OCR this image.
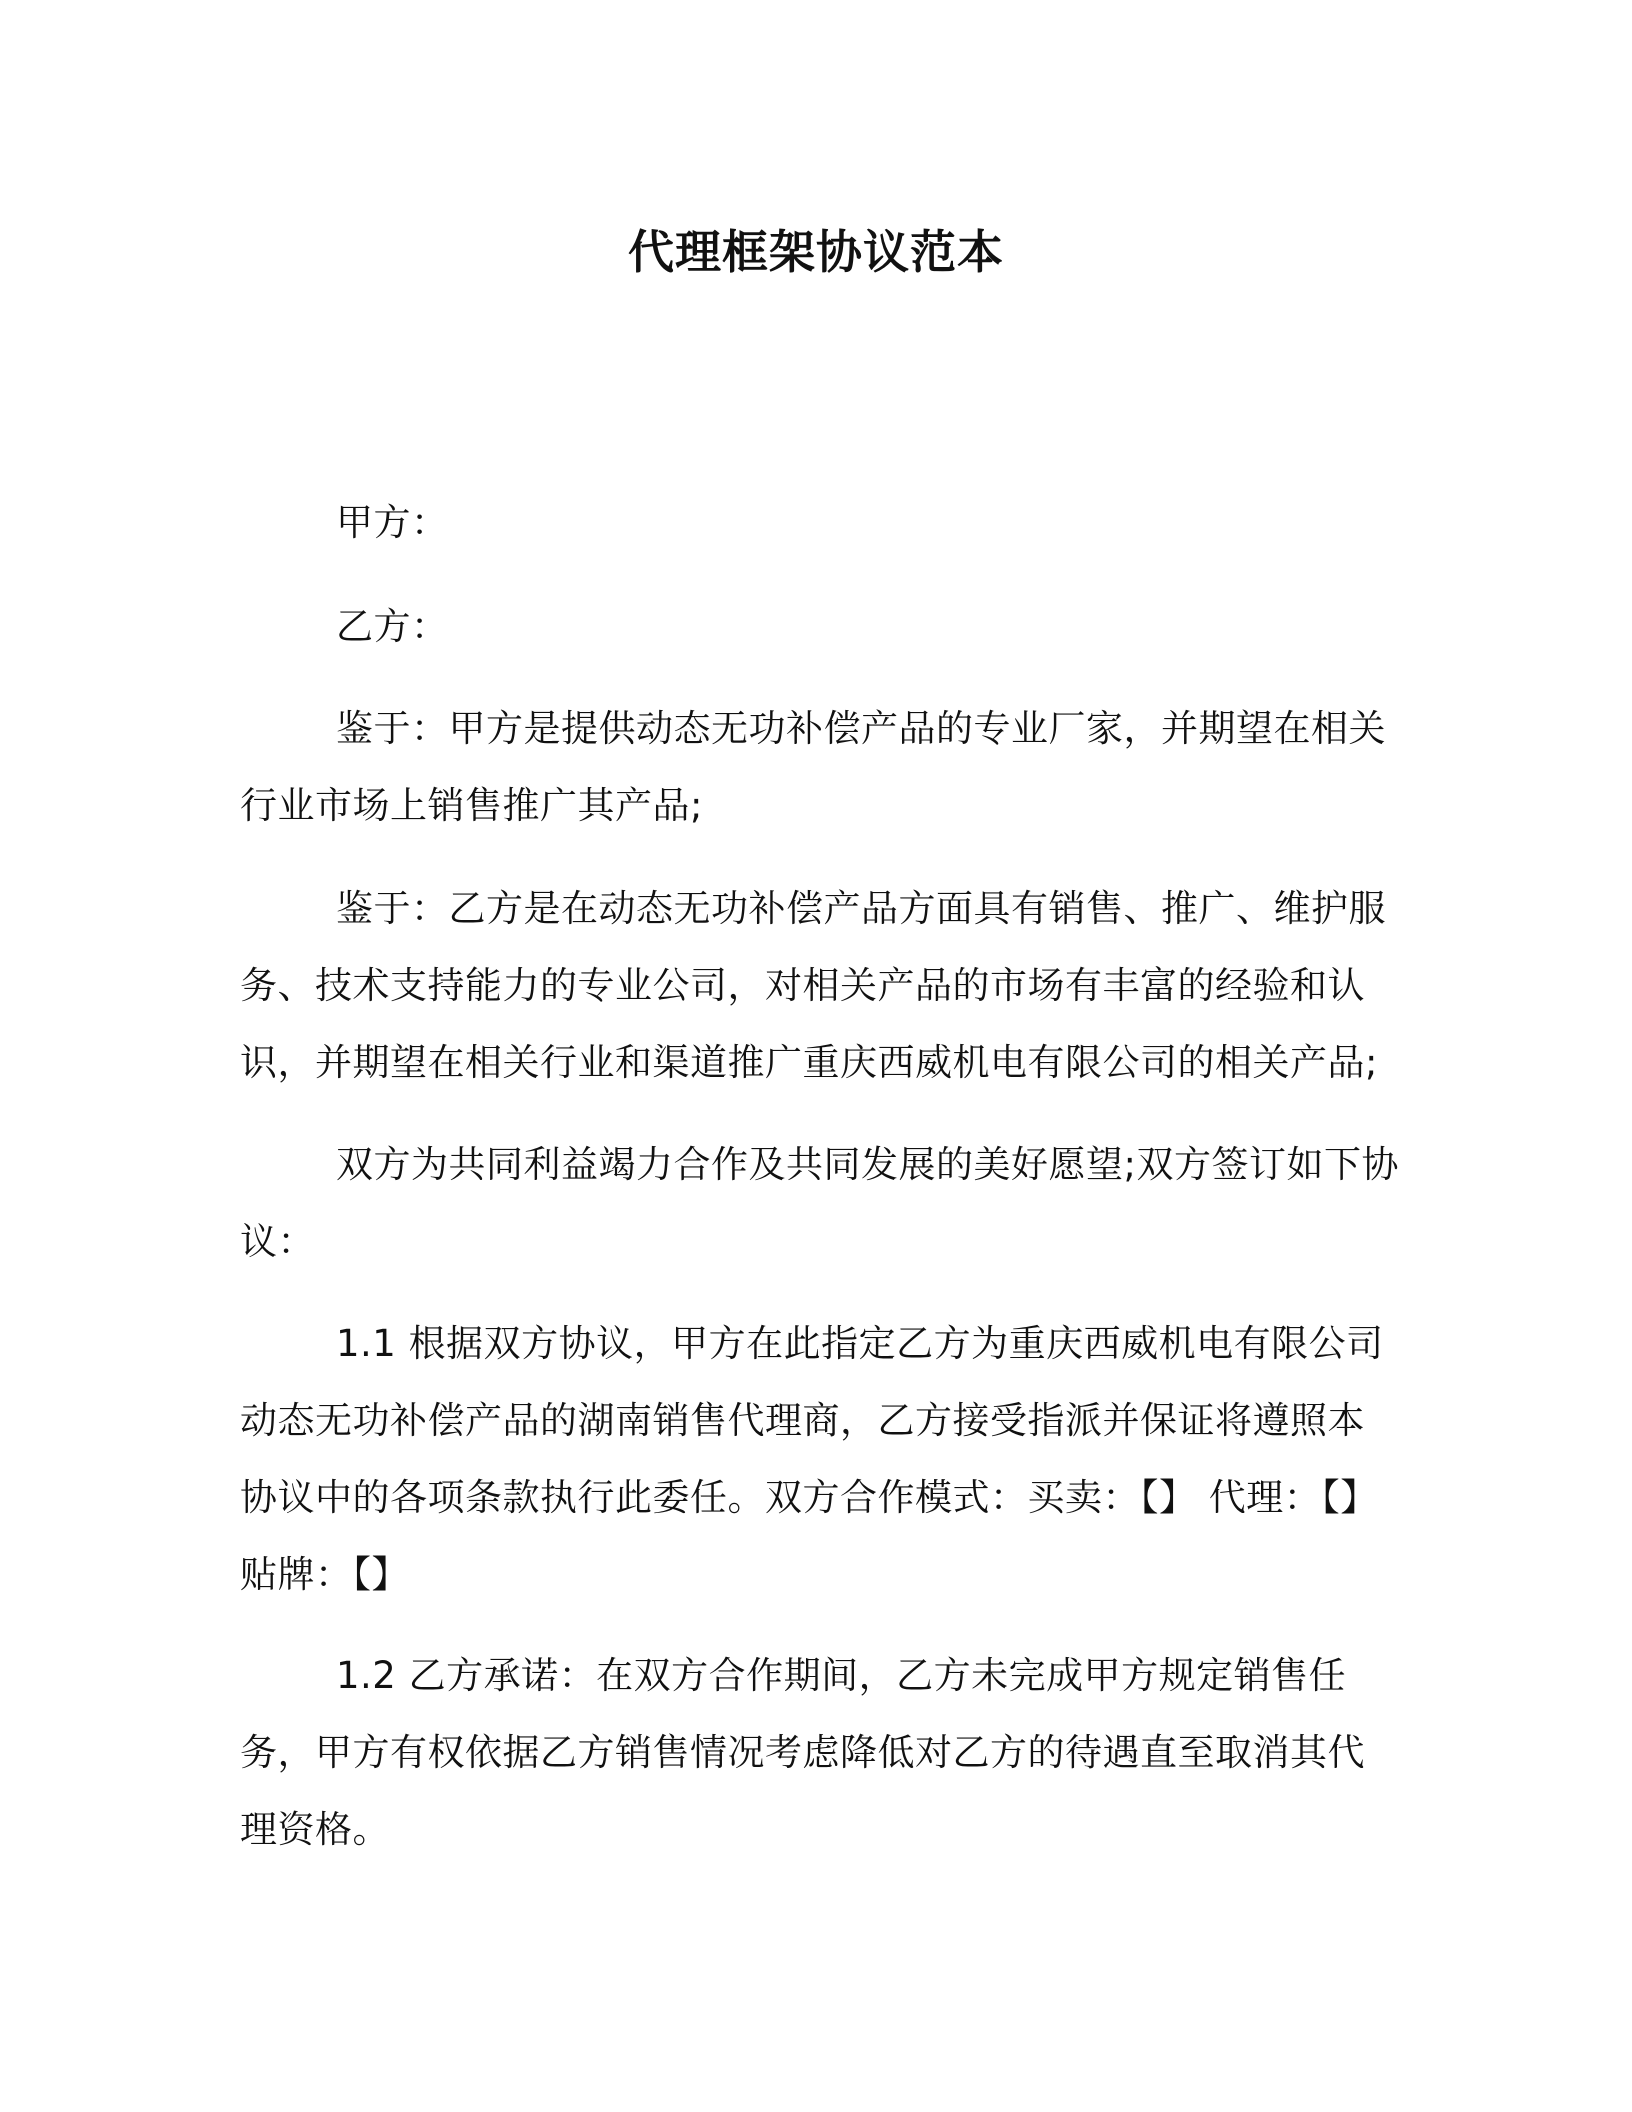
代理框架协议范本
甲方：
乙方：
鉴于：甲方是提供动态无功补偿产品的专业厂家，并期望在相关行业市场上销售推广其产品;
鉴于：乙方是在动态无功补偿产品方面具有销售、推广、维护服务、技术支持能力的专业公司，对相关产品的市场有丰富的经验和认识，并期望在相关行业和渠道推广重庆西威机电有限公司的相关产品;
双方为共同利益竭力合作及共同发展的美好愿望;双方签订如下协议：
1.1 根据双方协议，甲方在此指定乙方为重庆西威机电有限公司动态无功补偿产品的湖南销售代理商，乙方接受指派并保证将遵照本协议中的各项条款执行此委任。双方合作模式：买卖：【】 代理：【】 贴牌：【】
1.2 乙方承诺：在双方合作期间，乙方未完成甲方规定销售任务，甲方有权依据乙方销售情况考虑降低对乙方的待遇直至取消其代理资格。
